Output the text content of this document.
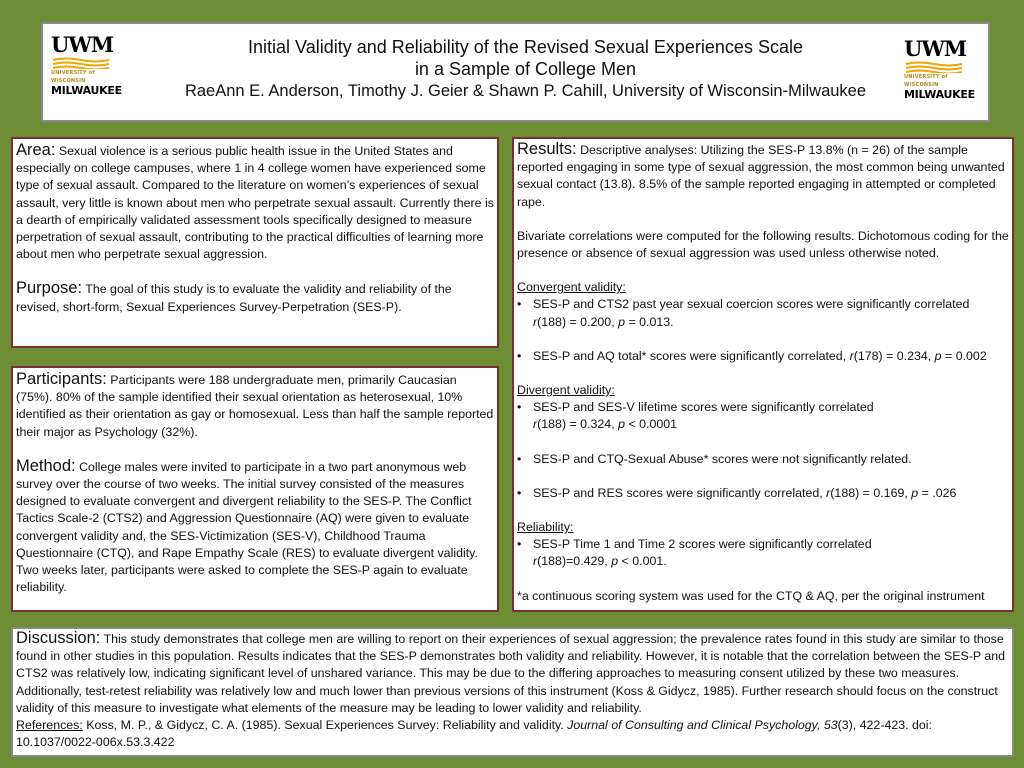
UWM
UNIVERSITY of WISCONSIN
MILWAUKEE
Initial Validity and Reliability of the Revised Sexual Experiences Scale
in a Sample of College Men
RaeAnn E. Anderson, Timothy J. Geier & Shawn P. Cahill, University of Wisconsin-Milwaukee
UWM
UNIVERSITY of WISCONSIN
MILWAUKEE
Area: Sexual violence is a serious public health issue in the United States and especially on college campuses, where 1 in 4 college women have experienced some type of sexual assault. Compared to the literature on women’s experiences of sexual assault, very little is known about men who perpetrate sexual assault. Currently there is a dearth of empirically validated assessment tools specifically designed to measure perpetration of sexual assault, contributing to the practical difficulties of learning more about men who perpetrate sexual aggression.
Purpose: The goal of this study is to evaluate the validity and reliability of the revised, short-form, Sexual Experiences Survey-Perpetration (SES-P).
Participants: Participants were 188 undergraduate men, primarily Caucasian (75%). 80% of the sample identified their sexual orientation as heterosexual, 10% identified as their orientation as gay or homosexual. Less than half the sample reported their major as Psychology (32%).
Method: College males were invited to participate in a two part anonymous web survey over the course of two weeks. The initial survey consisted of the measures designed to evaluate convergent and divergent reliability to the SES-P. The Conflict Tactics Scale-2 (CTS2) and Aggression Questionnaire (AQ) were given to evaluate convergent validity and, the SES-Victimization (SES-V), Childhood Trauma Questionnaire (CTQ), and Rape Empathy Scale (RES) to evaluate divergent validity. Two weeks later, participants were asked to complete the SES-P again to evaluate reliability.
Results: Descriptive analyses: Utilizing the SES-P 13.8% (n = 26) of the sample reported engaging in some type of sexual aggression, the most common being unwanted sexual contact (13.8). 8.5% of the sample reported engaging in attempted or completed rape.
Bivariate correlations were computed for the following results. Dichotomous coding for the presence or absence of sexual aggression was used unless otherwise noted.
Convergent validity:
• SES-P and CTS2 past year sexual coercion scores were significantly correlated
r(188) = 0.200, p = 0.013.
• SES-P and AQ total* scores were significantly correlated, r(178) = 0.234, p = 0.002
Divergent validity:
• SES-P and SES-V lifetime scores were significantly correlated
r(188) = 0.324, p < 0.0001
• SES-P and CTQ-Sexual Abuse* scores were not significantly related.
• SES-P and RES scores were significantly correlated, r(188) = 0.169, p = .026
Reliability:
• SES-P Time 1 and Time 2 scores were significantly correlated
r(188)=0.429, p < 0.001.
*a continuous scoring system was used for the CTQ & AQ, per the original instrument
Discussion: This study demonstrates that college men are willing to report on their experiences of sexual aggression; the prevalence rates found in this study are similar to those found in other studies in this population. Results indicates that the SES-P demonstrates both validity and reliability. However, it is notable that the correlation between the SES-P and CTS2 was relatively low, indicating significant level of unshared variance. This may be due to the differing approaches to measuring consent utilized by these two measures. Additionally, test-retest reliability was relatively low and much lower than previous versions of this instrument (Koss & Gidycz, 1985). Further research should focus on the construct validity of this measure to investigate what elements of the measure may be leading to lower validity and reliability.
References: Koss, M. P., & Gidycz, C. A. (1985). Sexual Experiences Survey: Reliability and validity. Journal of Consulting and Clinical Psychology, 53(3), 422-423. doi: 10.1037/0022-006x.53.3.422
